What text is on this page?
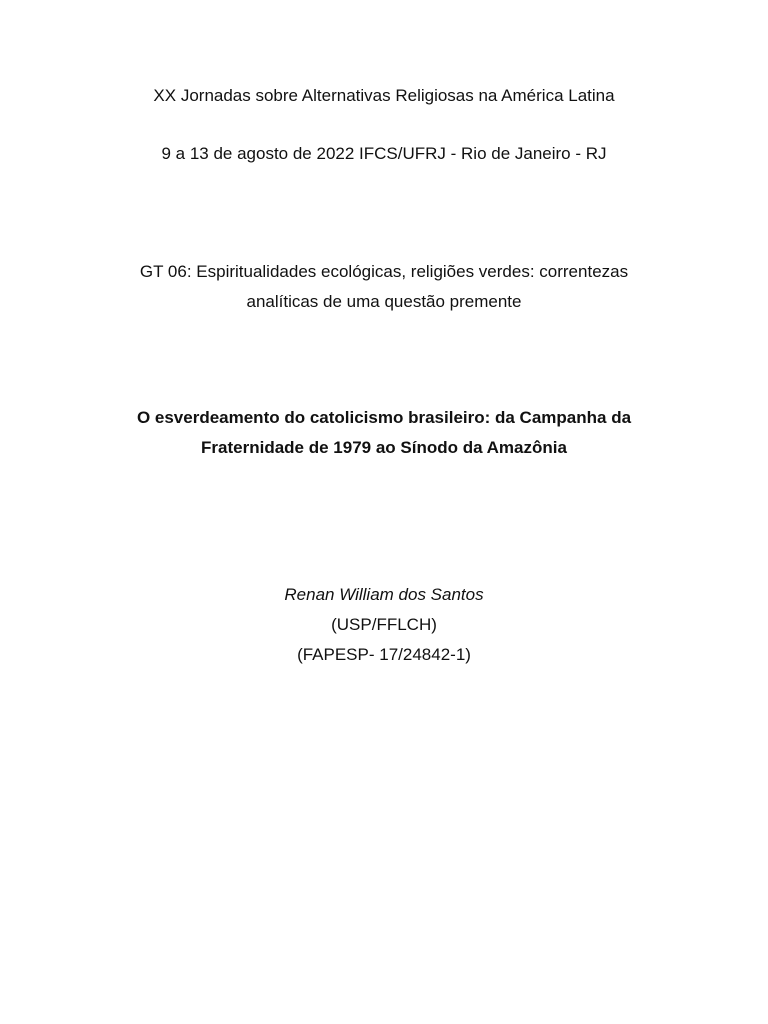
XX Jornadas sobre Alternativas Religiosas na América Latina
9 a 13 de agosto de 2022 IFCS/UFRJ - Rio de Janeiro - RJ
GT 06: Espiritualidades ecológicas, religiões verdes: correntezas
analíticas de uma questão premente
O esverdeamento do catolicismo brasileiro: da Campanha da
Fraternidade de 1979 ao Sínodo da Amazônia
Renan William dos Santos
(USP/FFLCH)
(FAPESP- 17/24842-1)
